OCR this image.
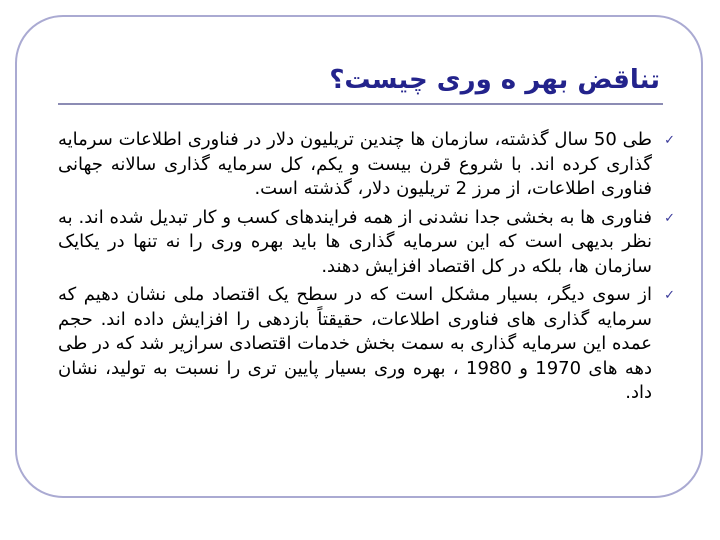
تناقض بهر ه وری چیست؟
✓
طی 50 سال گذشته، سازمان ها چندین تریلیون دلار در فناوری اطلاعات سرمایه گذاری کرده اند. با شروع قرن بیست و یکم، کل سرمایه گذاری سالانه جهانی فناوری اطلاعات، از مرز 2 تریلیون دلار، گذشته است.
✓
فناوری ها به بخشی جدا نشدنی از همه فرایندهای کسب و کار تبدیل شده اند. به نظر بدیهی است که این سرمایه گذاری ها باید بهره وری را نه تنها در یکایک سازمان ها، بلکه در کل اقتصاد افزایش دهند.
✓
از سوی دیگر، بسیار مشکل است که در سطح یک اقتصاد ملی نشان دهیم که سرمایه گذاری های فناوری اطلاعات، حقیقتاً بازدهی را افزایش داده اند. حجم عمده این سرمایه گذاری به سمت بخش خدمات اقتصادی سرازیر شد که در طی دهه های 1970 و 1980 ، بهره وری بسیار پایین تری را نسبت به تولید، نشان داد.
